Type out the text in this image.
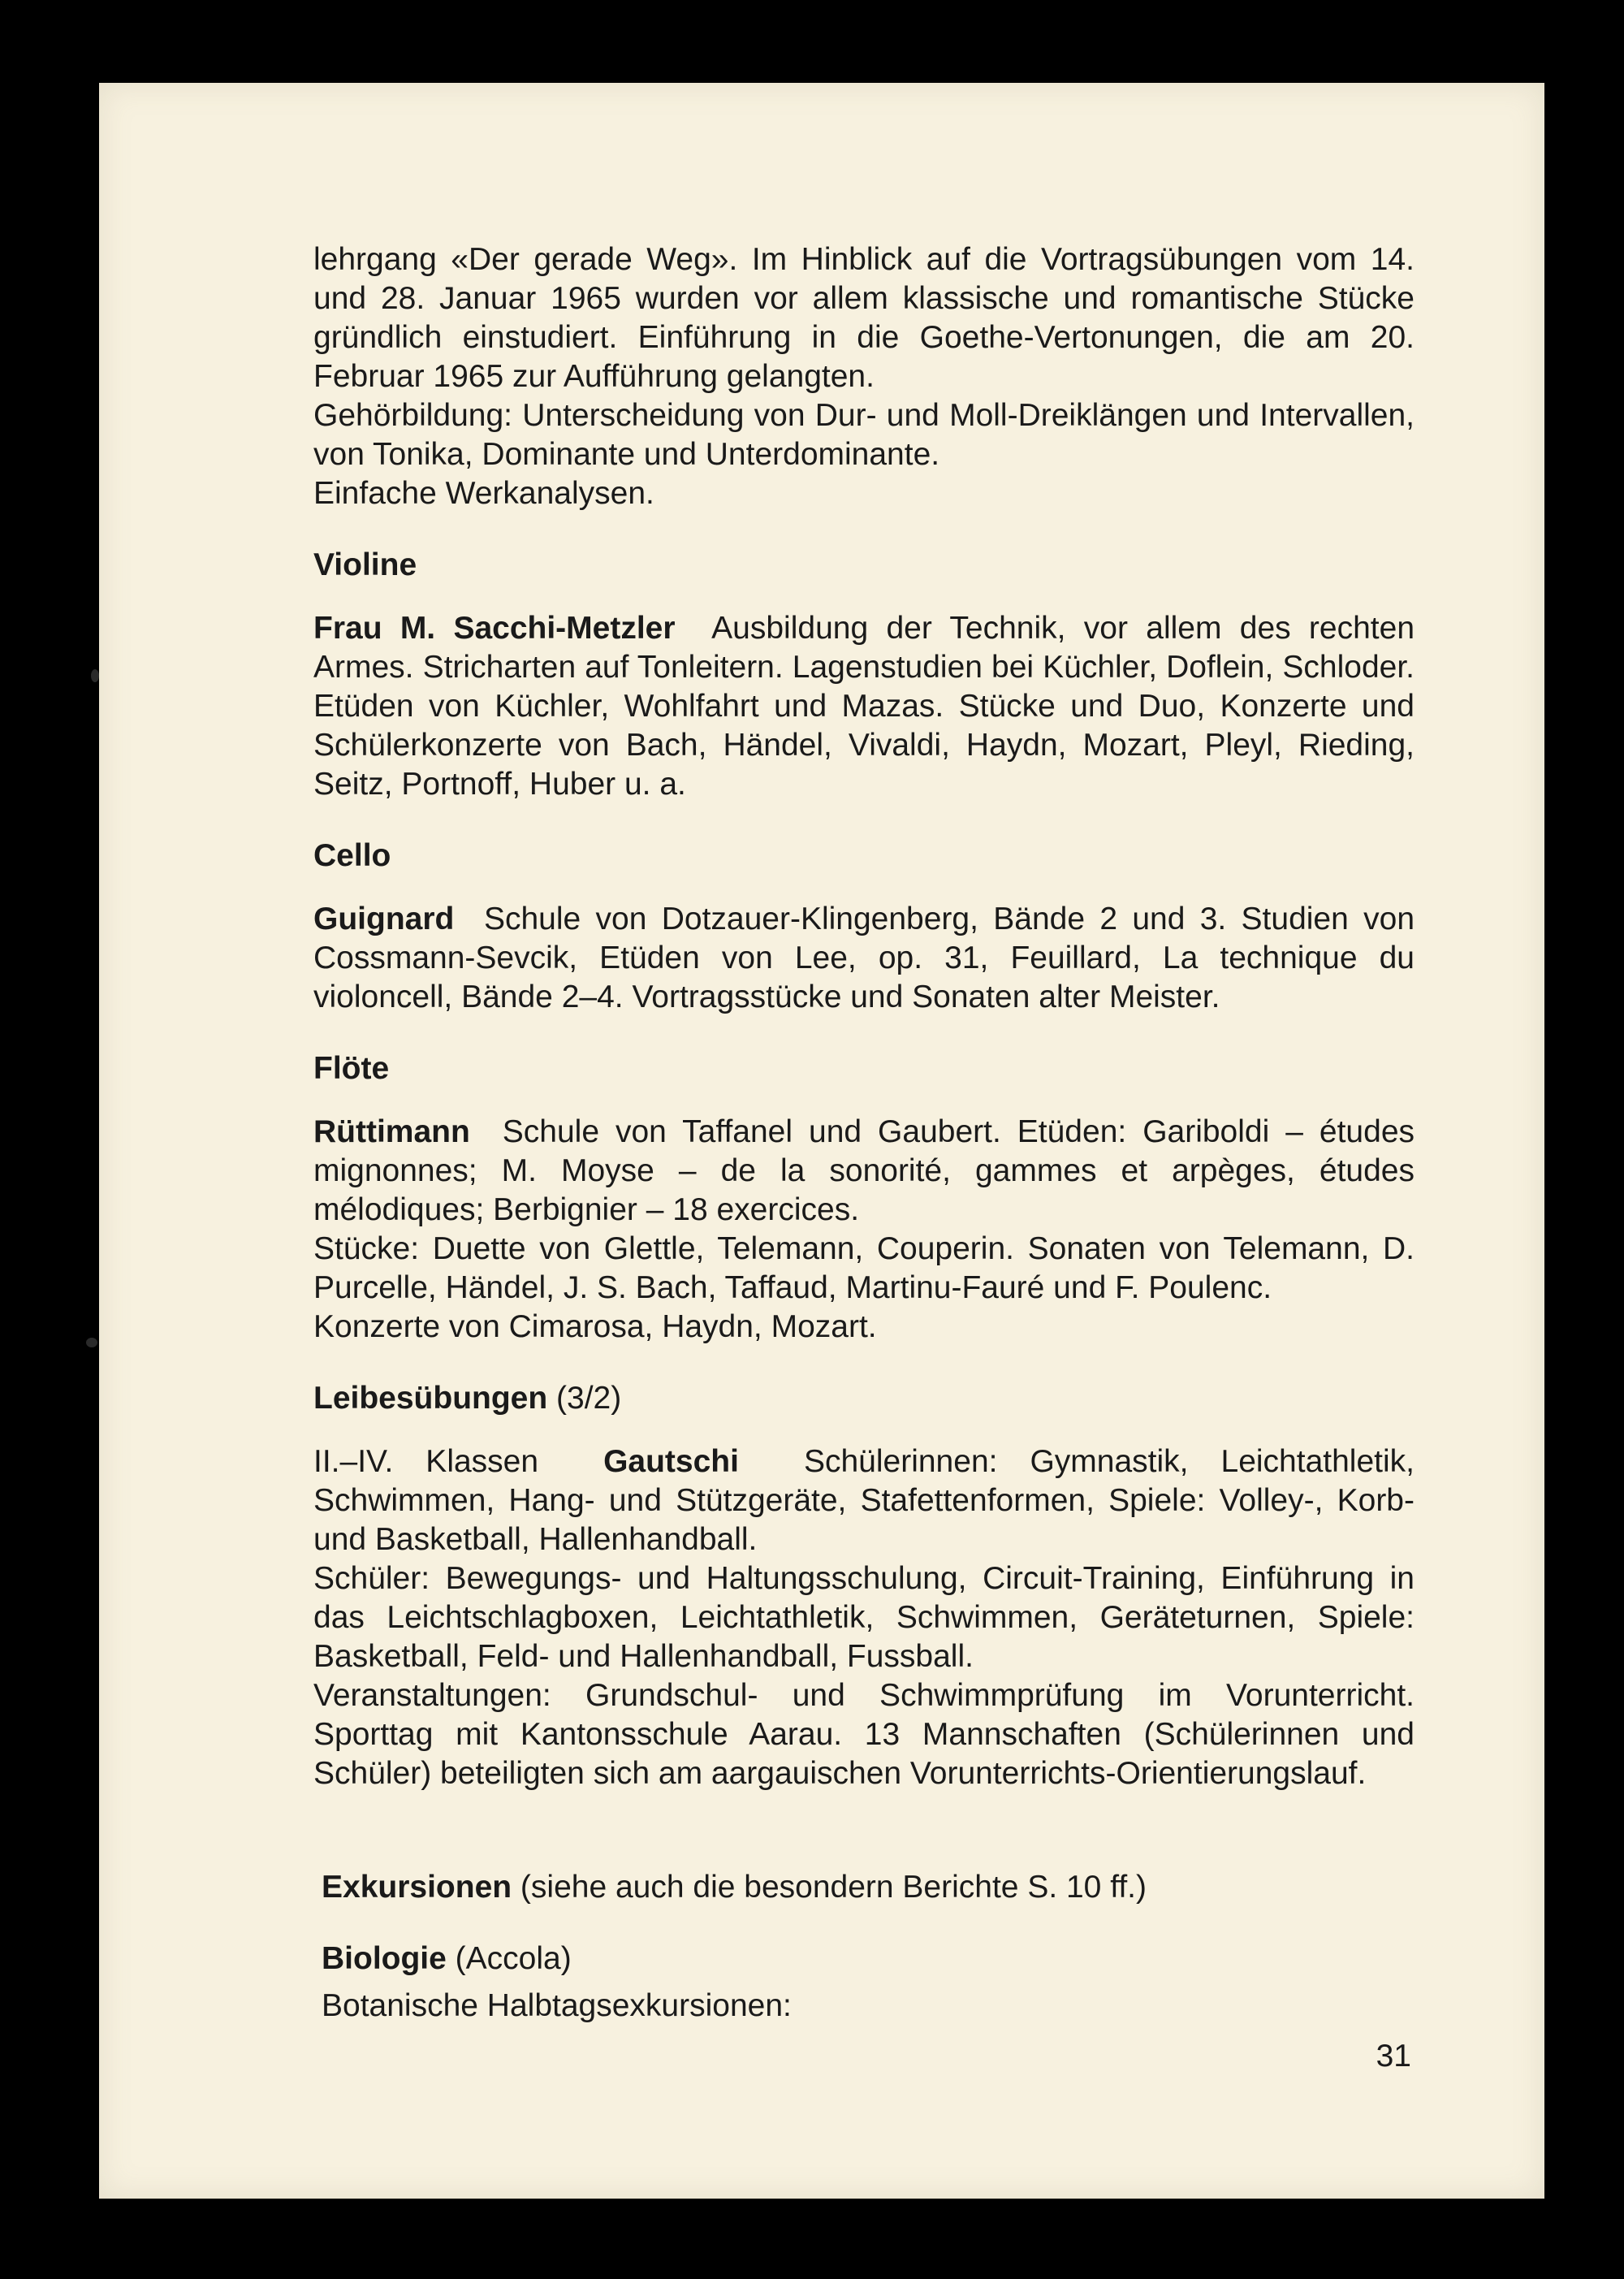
lehrgang «Der gerade Weg». Im Hinblick auf die Vortragsübungen vom 14. und 28. Januar 1965 wurden vor allem klassische und romantische Stücke gründlich einstudiert. Einführung in die Goethe-Vertonungen, die am 20. Februar 1965 zur Aufführung gelangten.

Gehörbildung: Unterscheidung von Dur- und Moll-Dreiklängen und Intervallen, von Tonika, Dominante und Unterdominante.

Einfache Werkanalysen.

Violine

Frau M. Sacchi-Metzler Ausbildung der Technik, vor allem des rechten Armes. Stricharten auf Tonleitern. Lagenstudien bei Küchler, Doflein, Schloder. Etüden von Küchler, Wohlfahrt und Mazas. Stücke und Duo, Konzerte und Schülerkonzerte von Bach, Händel, Vivaldi, Haydn, Mozart, Pleyl, Rieding, Seitz, Portnoff, Huber u. a.

Cello

Guignard Schule von Dotzauer-Klingenberg, Bände 2 und 3. Studien von Cossmann-Sevcik, Etüden von Lee, op. 31, Feuillard, La technique du violoncell, Bände 2–4. Vortragsstücke und Sonaten alter Meister.

Flöte

Rüttimann Schule von Taffanel und Gaubert. Etüden: Gariboldi – études mignonnes; M. Moyse – de la sonorité, gammes et arpèges, études mélodiques; Berbignier – 18 exercices.

Stücke: Duette von Glettle, Telemann, Couperin. Sonaten von Telemann, D. Purcelle, Händel, J. S. Bach, Taffaud, Martinu-Fauré und F. Poulenc.

Konzerte von Cimarosa, Haydn, Mozart.

Leibesübungen (3/2)

II.–IV. Klassen Gautschi Schülerinnen: Gymnastik, Leichtathletik, Schwimmen, Hang- und Stützgeräte, Stafettenformen, Spiele: Volley-, Korb- und Basketball, Hallenhandball.

Schüler: Bewegungs- und Haltungsschulung, Circuit-Training, Einführung in das Leichtschlagboxen, Leichtathletik, Schwimmen, Geräteturnen, Spiele: Basketball, Feld- und Hallenhandball, Fussball.

Veranstaltungen: Grundschul- und Schwimmprüfung im Vorunterricht. Sporttag mit Kantonsschule Aarau. 13 Mannschaften (Schülerinnen und Schüler) beteiligten sich am aargauischen Vorunterrichts-Orientierungslauf.

Exkursionen (siehe auch die besondern Berichte S. 10 ff.)
Biologie (Accola)

Botanische Halbtagsexkursionen:

31
